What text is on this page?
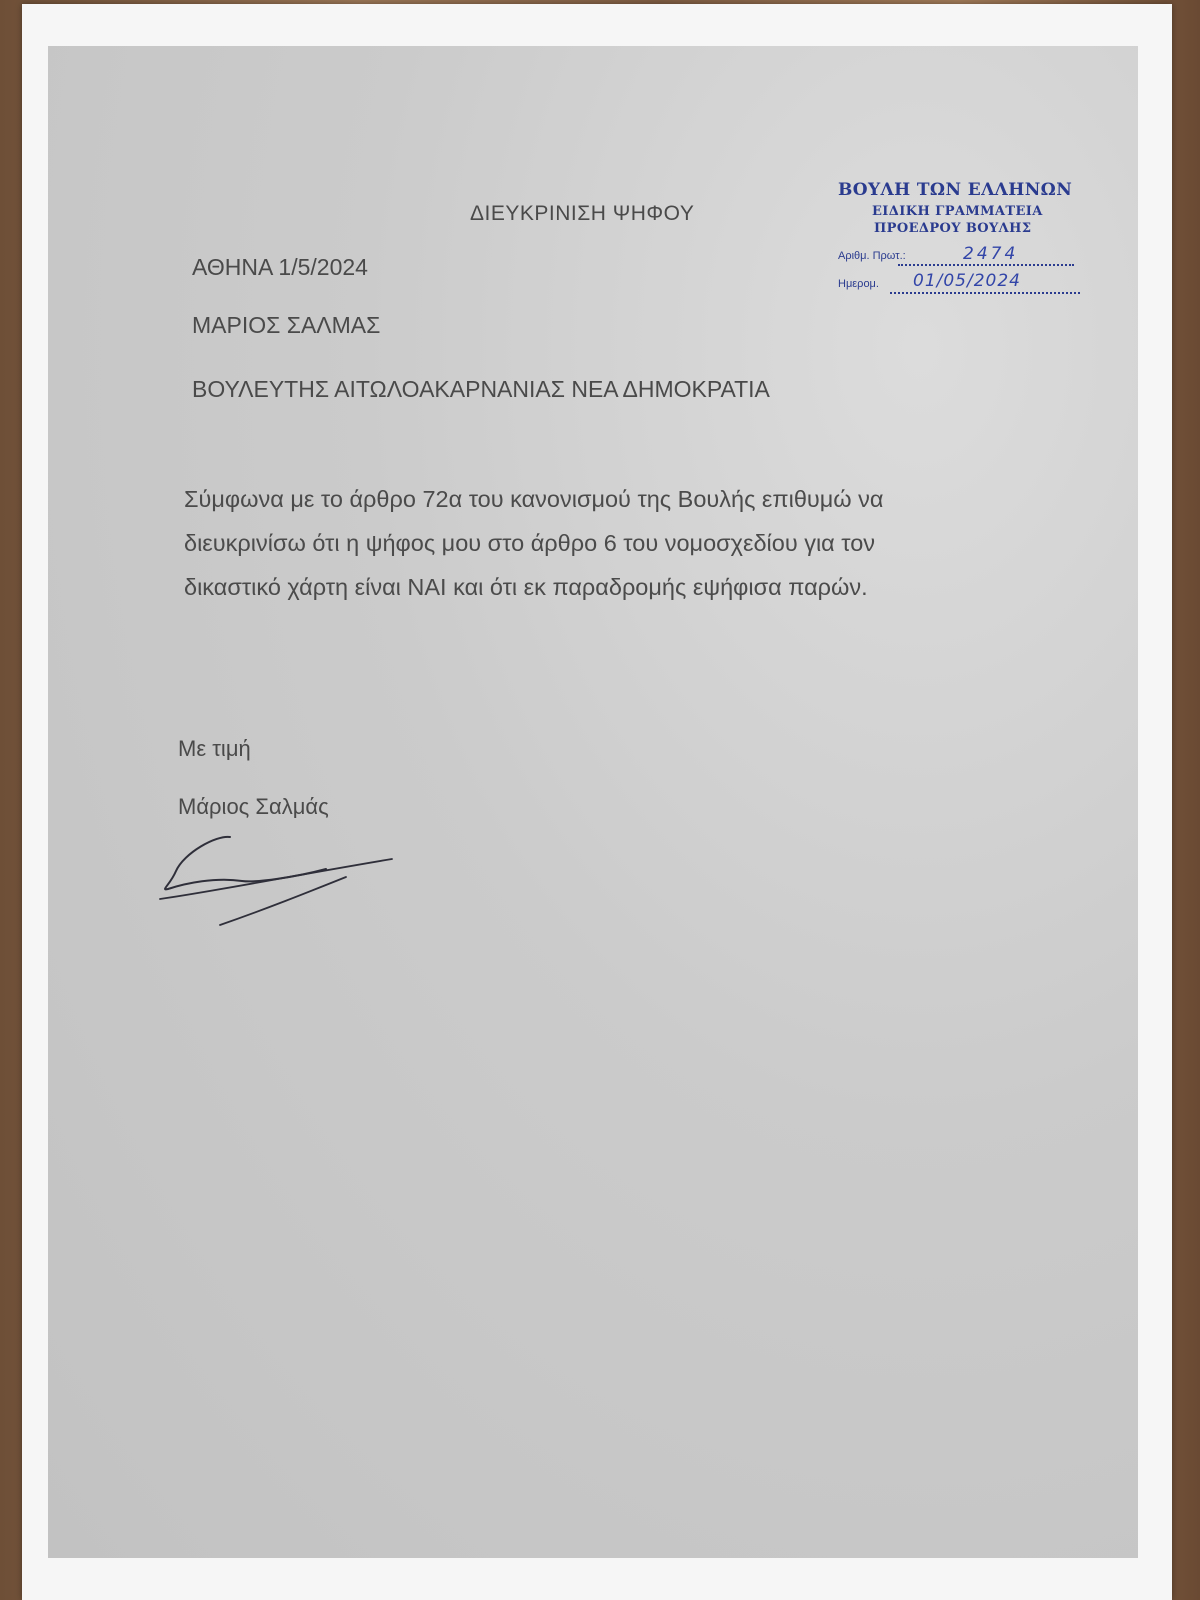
ΔΙΕΥΚΡΙΝΙΣΗ ΨΗΦΟΥ
ΑΘΗΝΑ 1/5/2024
ΜΑΡΙΟΣ ΣΑΛΜΑΣ
ΒΟΥΛΕΥΤΗΣ ΑΙΤΩΛΟΑΚΑΡΝΑΝΙΑΣ ΝΕΑ ΔΗΜΟΚΡΑΤΙΑ
Σύμφωνα με το άρθρο 72α του κανονισμού της Βουλής επιθυμώ να
διευκρινίσω ότι η ψήφος μου στο άρθρο 6 του νομοσχεδίου για τον
δικαστικό χάρτη είναι ΝΑΙ και ότι εκ παραδρομής εψήφισα παρών.
Με τιμή
Μάριος Σαλμάς
ΒΟΥΛΗ ΤΩΝ ΕΛΛΗΝΩΝ
ΕΙΔΙΚΗ ΓΡΑΜΜΑΤΕΙΑ
ΠΡΟΕΔΡΟΥ ΒΟΥΛΗΣ
Αριθμ. Πρωτ.:	2474
Ημερομ. 01/05/2024
